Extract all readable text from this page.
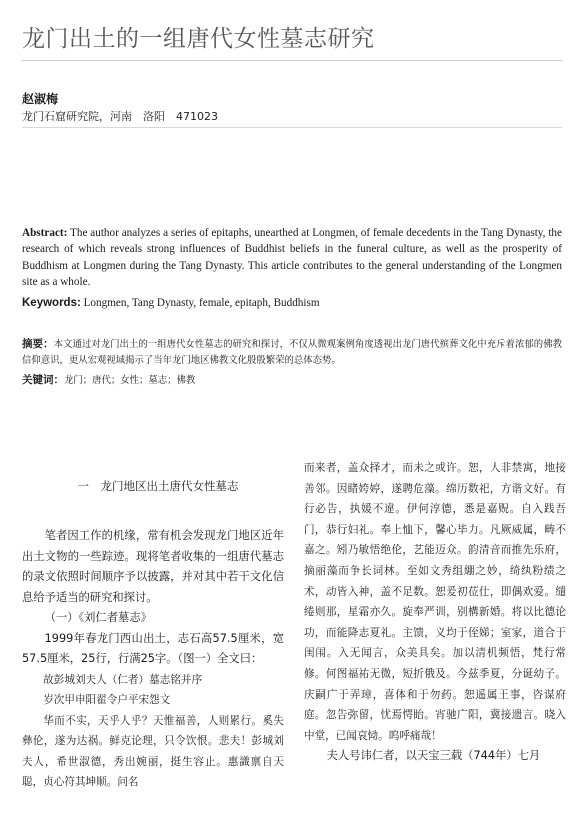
龙门出土的一组唐代女性墓志研究
赵淑梅
龙门石窟研究院，河南　洛阳　471023
Abstract: The author analyzes a series of epitaphs, unearthed at Longmen, of female decedents in the Tang Dynasty, the research of which reveals strong influences of Buddhist beliefs in the funeral culture, as well as the prosperity of Buddhism at Longmen during the Tang Dynasty. This article contributes to the general understanding of the Longmen site as a whole.
Keywords: Longmen, Tang Dynasty, female, epitaph, Buddhism
摘要：本文通过对龙门出土的一组唐代女性墓志的研究和探讨，不仅从微观案例角度透视出龙门唐代殡葬文化中充斥着浓郁的佛教信仰意识，更从宏观视域揭示了当年龙门地区佛教文化殷殷繁荣的总体态势。
关键词：龙门；唐代；女性；墓志；佛教

一　龙门地区出土唐代女性墓志

笔者因工作的机缘，常有机会发现龙门地区近年出土文物的一些踪迹。现将笔者收集的一组唐代墓志的录文依照时间顺序予以披露，并对其中若干文化信息给予适当的研究和探讨。

（一）《刘仁者墓志》

1999年春龙门西山出土，志石高57.5厘米，宽57.5厘米，25行，行满25字。（图一）全文曰：

故彭城刘夫人（仁者）墓志铭并序

岁次甲申阳翟令户平宋怨文

华而不实，天乎人乎？天惟福善，人则累行。奚失彝伦，遂为达祸。鲜克论理，只令饮恨。悲夫！彭城刘夫人，希世淑德，秀出婉丽，挺生容止。惠識禀自天聪，贞心符其坤顺。问名

而来者，盖众择才，而未之或许。恕，人非禁寓，地接善邻。因睹姱婷，遂聘危藻。绵历数祀，方谐文好。有行必告，执媛不違。伊何淳德，悉是嘉贶。自入践吾门，恭行妇礼。奉上恤下，馨心毕力。凡厥威属，畴不嘉之。矧乃敏悟绝伦，艺能迈众。韵清音而推先乐府，摘丽藻而争长词林。至如文秀组綳之妙，绮纨粉绩之术，动皆入神，盖不足数。恕爰初莅仕，即偶欢爱。缱绻则那，星霜亦久。旋奉严训，别構新婚。将以比德论功，而能降志夏礼。主馈，义均于侄娣；室家，道合于闺闱。入无闻言，众美具矣。加以清机频悟，梵行常修。何图福祐无微，短折俄及。今兹季夏，分诞幼子。庆嗣广于弄璋，喜体和于勿药。恕遥属王事，咨谋府庭。忽告弥留，忧焉愕眙。宵驰广阳，冀接遗言。晓入中堂，已闻哀恸。呜呼痛哉！

夫人号讳仁者，以天宝三载（744年）七月
